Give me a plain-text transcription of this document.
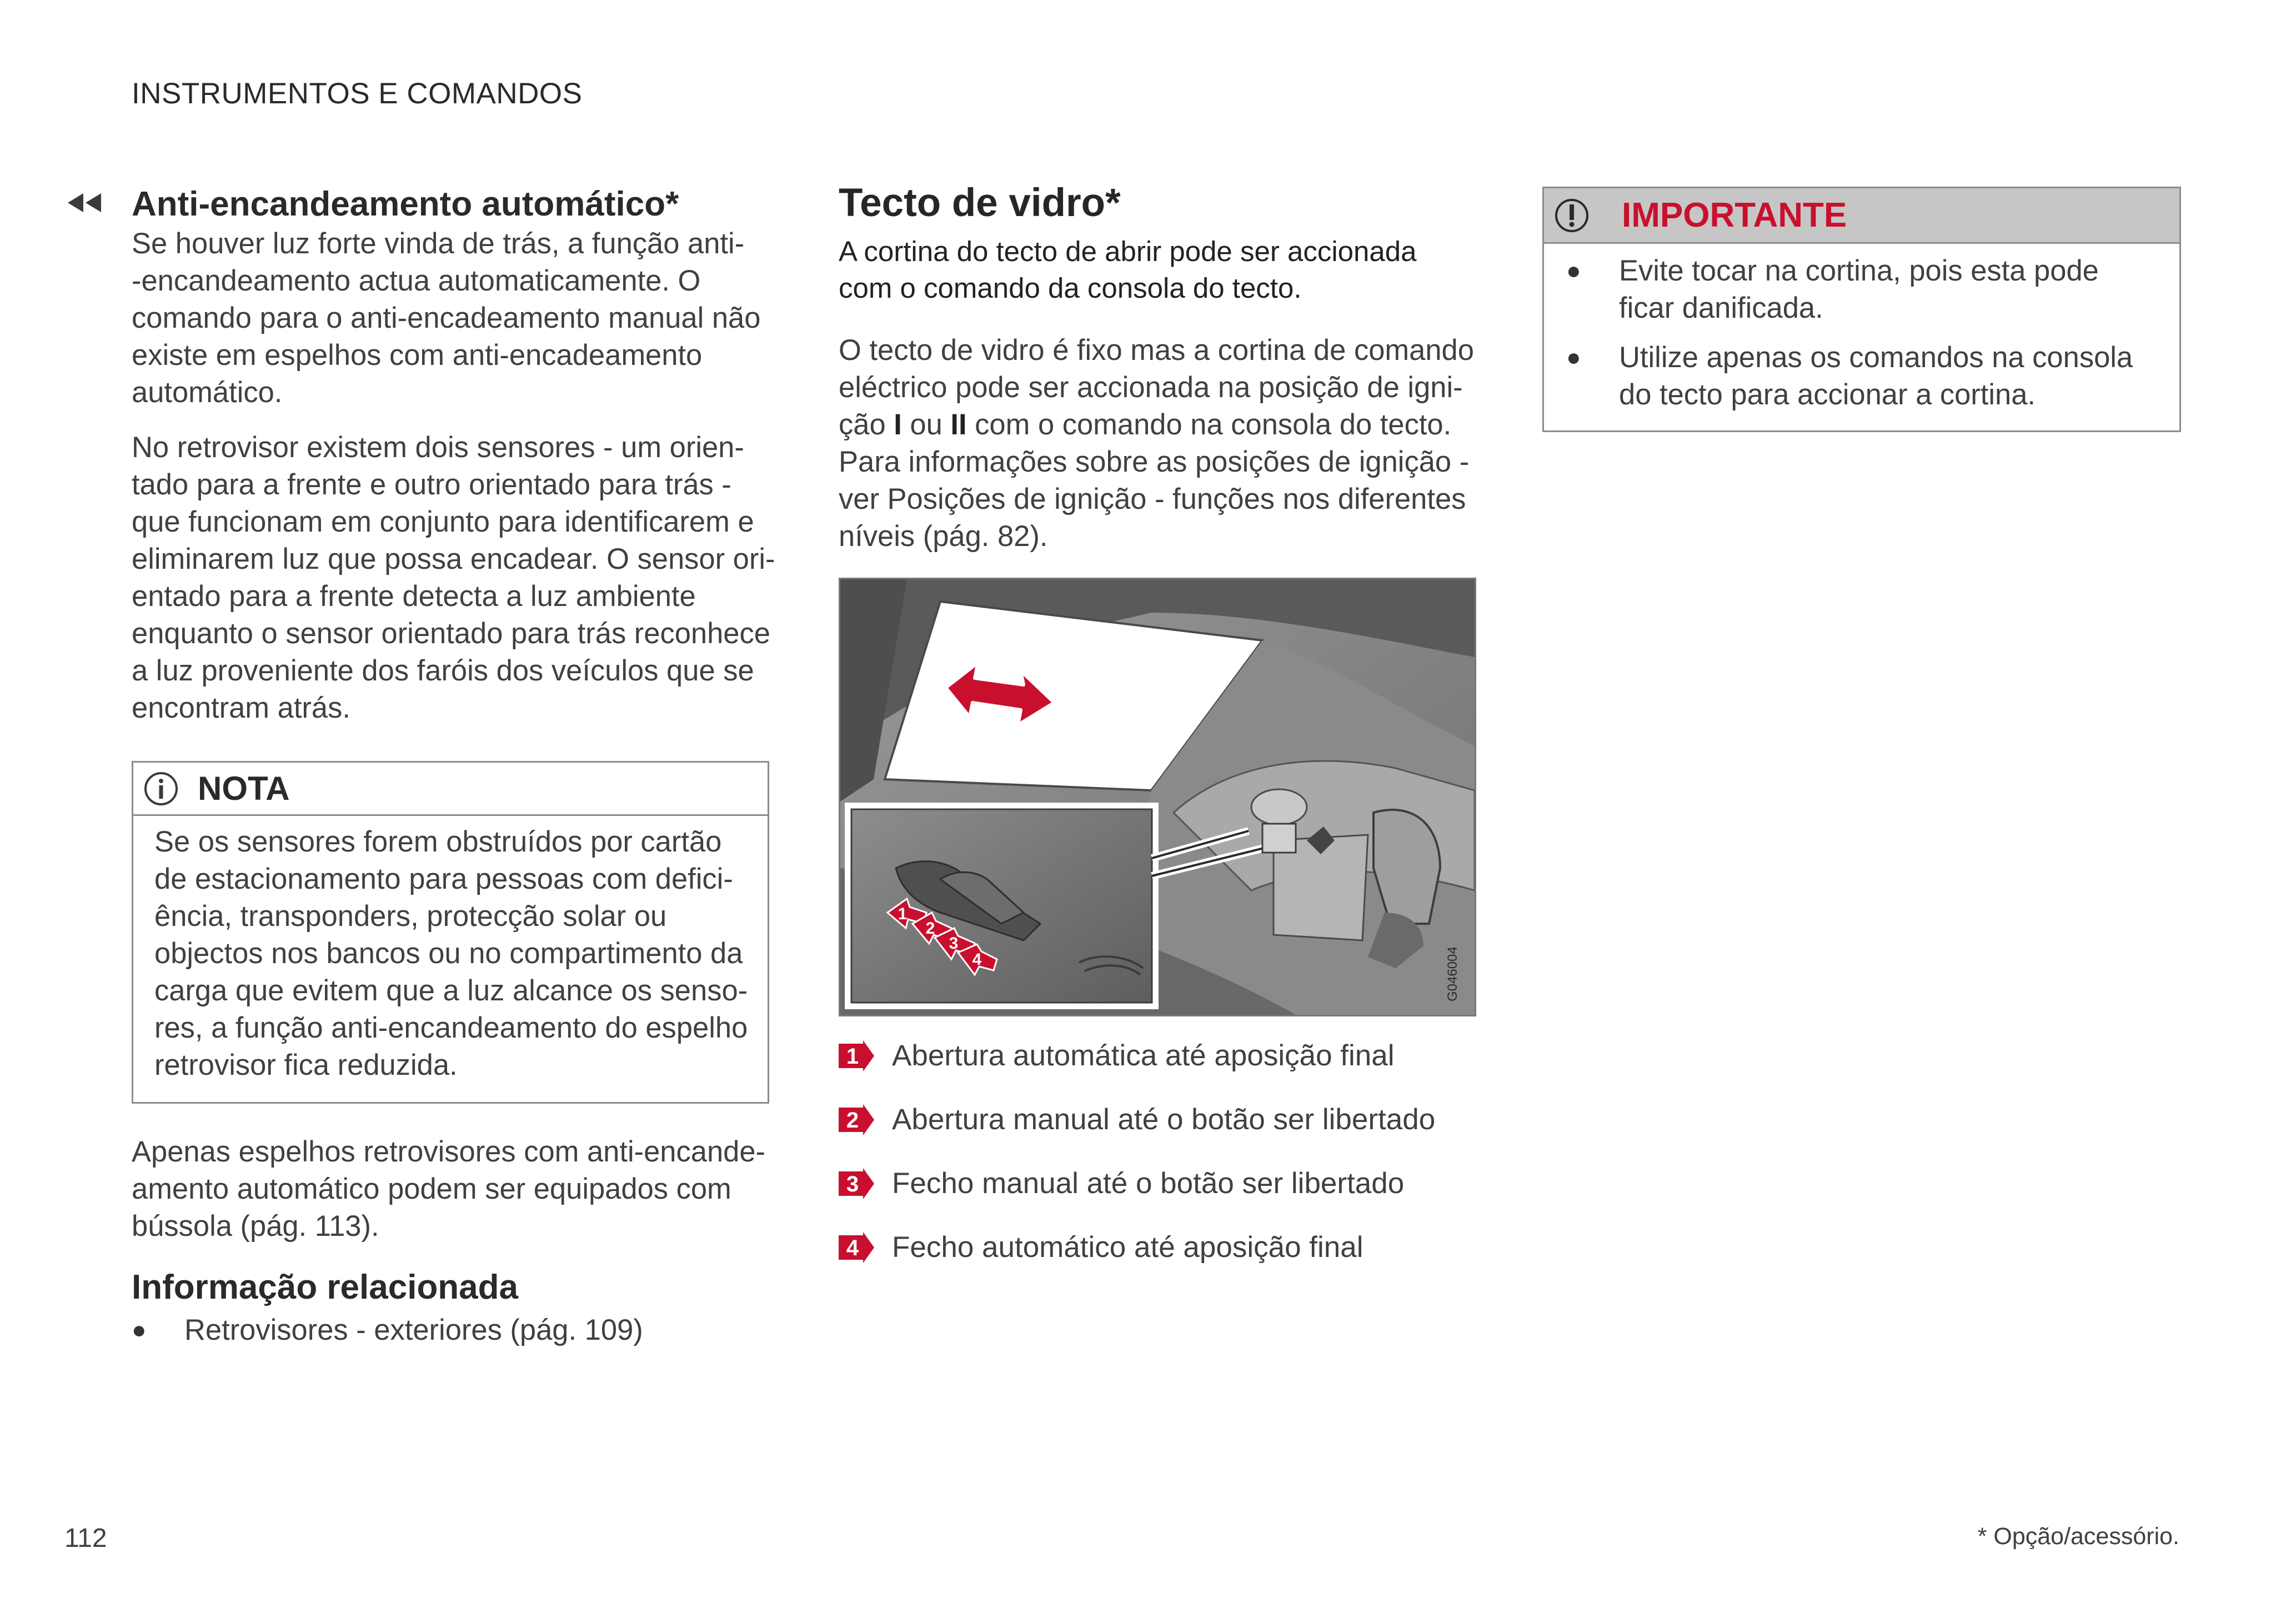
INSTRUMENTOS E COMANDOS
Anti-encandeamento automático*

Se houver luz forte vinda de trás, a função anti-

-encandeamento actua automaticamente. O

comando para o anti-encadeamento manual não

existe em espelhos com anti-encadeamento

automático.

No retrovisor existem dois sensores - um orien-

tado para a frente e outro orientado para trás -

que funcionam em conjunto para identificarem e

eliminarem luz que possa encadear. O sensor ori-

entado para a frente detecta a luz ambiente

enquanto o sensor orientado para trás reconhece

a luz proveniente dos faróis dos veículos que se

encontram atrás.

NOTA

Se os sensores forem obstruídos por cartão

de estacionamento para pessoas com defici-

ência, transponders, protecção solar ou

objectos nos bancos ou no compartimento da

carga que evitem que a luz alcance os senso-

res, a função anti-encandeamento do espelho

retrovisor fica reduzida.

Apenas espelhos retrovisores com anti-encande-

amento automático podem ser equipados com

bússola (pág. 113).

Informação relacionada
●	Retrovisores - exteriores (pág. 109)
Tecto de vidro*

A cortina do tecto de abrir pode ser accionada

com o comando da consola do tecto.

O tecto de vidro é fixo mas a cortina de comando

eléctrico pode ser accionada na posição de igni-

ção I ou II com o comando na consola do tecto.

Para informações sobre as posições de ignição -

ver Posições de ignição - funções nos diferentes

níveis (pág. 82).

1
2
3
4	G046004
1 Abertura automática até aposição final
2 Abertura manual até o botão ser libertado
3 Fecho manual até o botão ser libertado
4 Fecho automático até aposição final
IMPORTANTE
●	Evite tocar na cortina, pois esta pode
ficar danificada.
●	Utilize apenas os comandos na consola
do tecto para accionar a cortina.
112	* Opção/acessório.
